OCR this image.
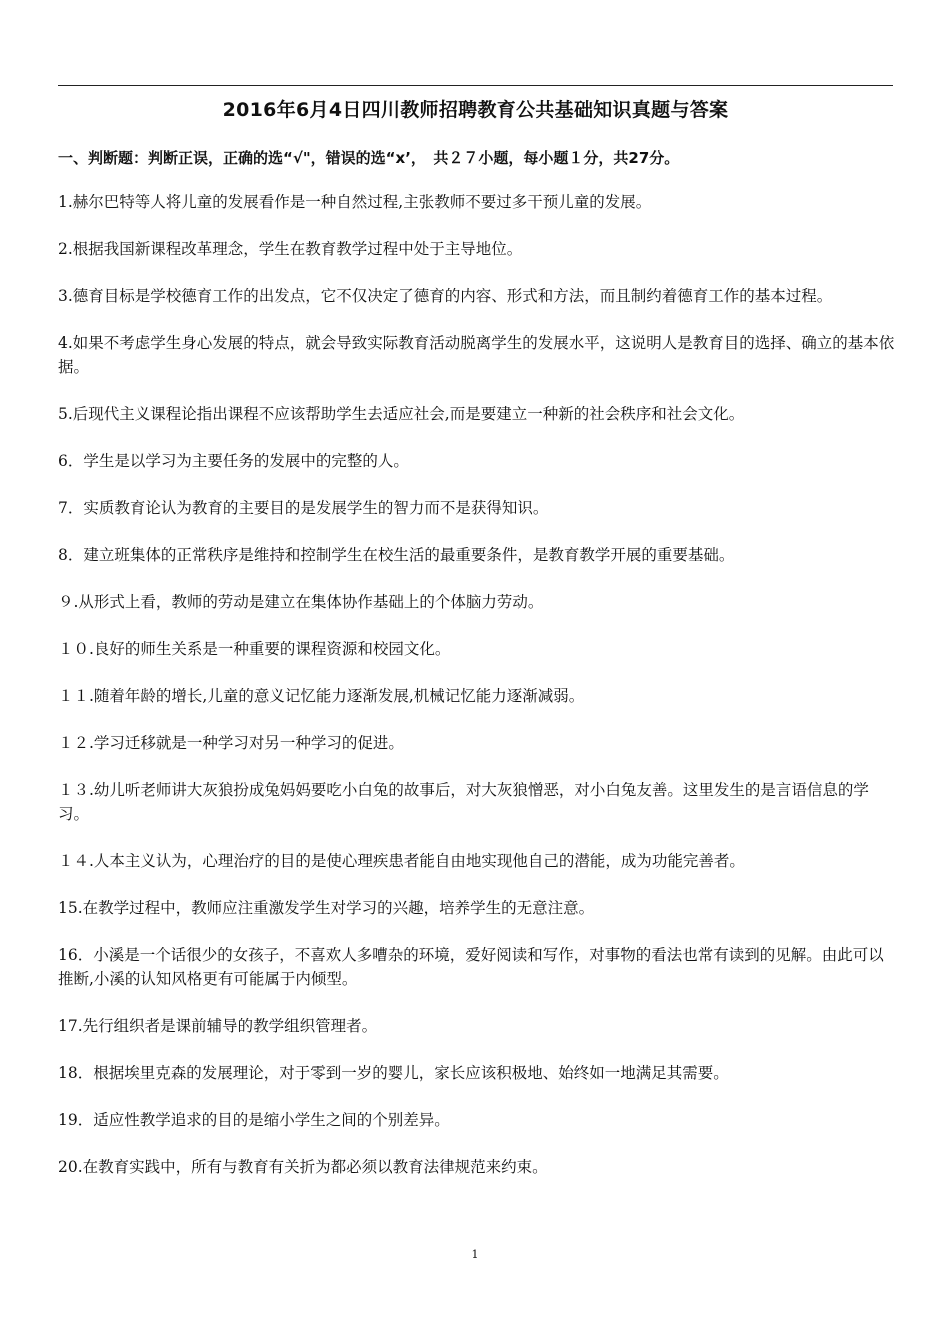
2016年6月4日四川教师招聘教育公共基础知识真题与答案
一、判断题：判断正误，正确的选“√"，错误的选“x’，　共２７小题，每小题１分，共27分。
1.赫尔巴特等人将儿童的发展看作是一种自然过程,主张教师不要过多干预儿童的发展。
2.根据我国新课程改革理念，学生在教育教学过程中处于主导地位。
3.德育目标是学校德育工作的出发点，它不仅决定了德育的内容、形式和方法，而且制约着德育工作的基本过程。
4.如果不考虑学生身心发展的特点，就会导致实际教育活动脱离学生的发展水平，这说明人是教育目的选择、确立的基本依据。
5.后现代主义课程论指出课程不应该帮助学生去适应社会,而是要建立一种新的社会秩序和社会文化。
6．学生是以学习为主要任务的发展中的完整的人。
7．实质教育论认为教育的主要目的是发展学生的智力而不是获得知识。
8．建立班集体的正常秩序是维持和控制学生在校生活的最重要条件，是教育教学开展的重要基础。
９.从形式上看，教师的劳动是建立在集体协作基础上的个体脑力劳动。
１０.良好的师生关系是一种重要的课程资源和校园文化。
１１.随着年龄的增长,儿童的意义记忆能力逐渐发展,机械记忆能力逐渐减弱。
１２.学习迁移就是一种学习对另一种学习的促进。
１３.幼儿听老师讲大灰狼扮成兔妈妈要吃小白兔的故事后，对大灰狼憎恶，对小白兔友善。这里发生的是言语信息的学习。
１４.人本主义认为，心理治疗的目的是使心理疾患者能自由地实现他自己的潜能，成为功能完善者。
15.在教学过程中，教师应注重激发学生对学习的兴趣，培养学生的无意注意。
16．小溪是一个话很少的女孩子，不喜欢人多嘈杂的环境，爱好阅读和写作，对事物的看法也常有读到的见解。由此可以推断,小溪的认知风格更有可能属于内倾型。
17.先行组织者是课前辅导的教学组织管理者。
18．根据埃里克森的发展理论，对于零到一岁的婴儿，家长应该积极地、始终如一地满足其需要。
19．适应性教学追求的目的是缩小学生之间的个别差异。
20.在教育实践中，所有与教育有关折为都必须以教育法律规范来约束。
1
